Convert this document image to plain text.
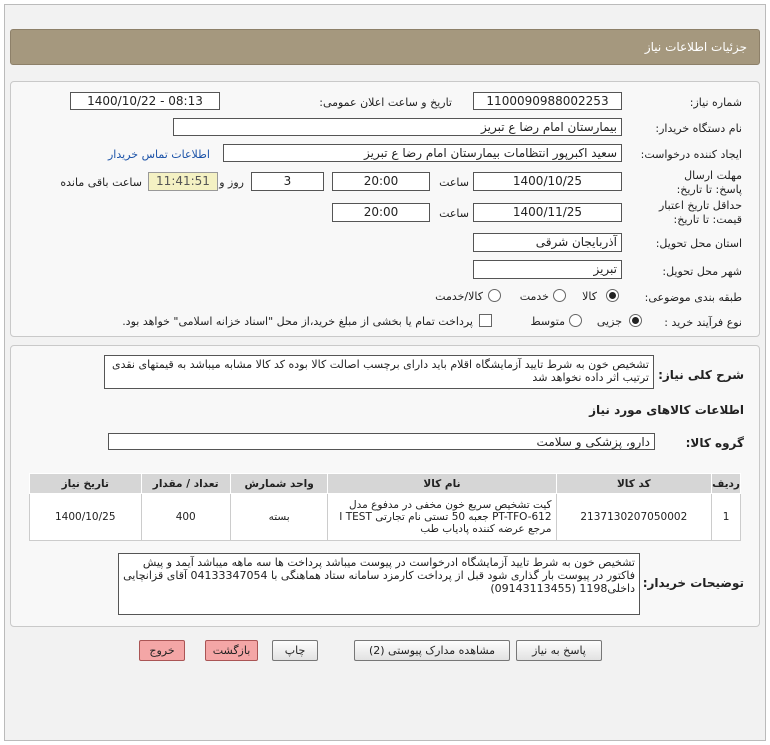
جزئیات اطلاعات نیاز
شماره نیاز:
1100090988002253
تاریخ و ساعت اعلان عمومی:
1400/10/22 - 08:13
نام دستگاه خریدار:
بیمارستان امام رضا ع تبریز
ایجاد کننده درخواست:
سعید اکبرپور انتظامات بیمارستان امام رضا ع تبریز
اطلاعات تماس خریدار
مهلت ارسال پاسخ: تا تاریخ:
1400/10/25
ساعت
20:00
3
روز و
11:41:51
ساعت باقی مانده
حداقل تاریخ اعتبار قیمت: تا تاریخ:
1400/11/25
ساعت
20:00
استان محل تحویل:
آذربایجان شرقی
شهر محل تحویل:
تبریز
طبقه بندی موضوعی:
کالا
خدمت
کالا/خدمت
نوع فرآیند خرید :
جزیی
متوسط
پرداخت تمام یا بخشی از مبلغ خرید،از محل "اسناد خزانه اسلامی" خواهد بود.
شرح کلی نیاز:
تشخیص خون به شرط تایید آزمایشگاه اقلام باید دارای برچسب اصالت کالا بوده کد کالا مشابه میباشد به قیمتهای نقدی ترتیب اثر داده نخواهد شد
اطلاعات کالاهای مورد نیاز
گروه کالا:
دارو، پزشکی و سلامت
تاریخ نیاز	تعداد / مقدار	واحد شمارش	نام کالا	کد کالا	ردیف
1400/10/25	400	بسته	کیت تشخیص سریع خون مخفی در مدفوع مدل PT-TFO-612 جعبه 50 تستی نام تجارتی I TEST مرجع عرضه کننده پادیاب طب	2137130207050002	1
توضیحات خریدار:
تشخیص خون به شرط تایید آزمایشگاه ادرخواست در پیوست میباشد پرداخت ها سه ماهه میباشد آیمد و پیش فاکتور در پیوست بار گذاری شود قبل از پرداخت کارمزد سامانه ستاد هماهنگی با 04133347054 آقای قزانچایی داخلی1198 (09143113455)
پاسخ به نیاز
مشاهده مدارک پیوستی (2)
چاپ
بازگشت
خروج
